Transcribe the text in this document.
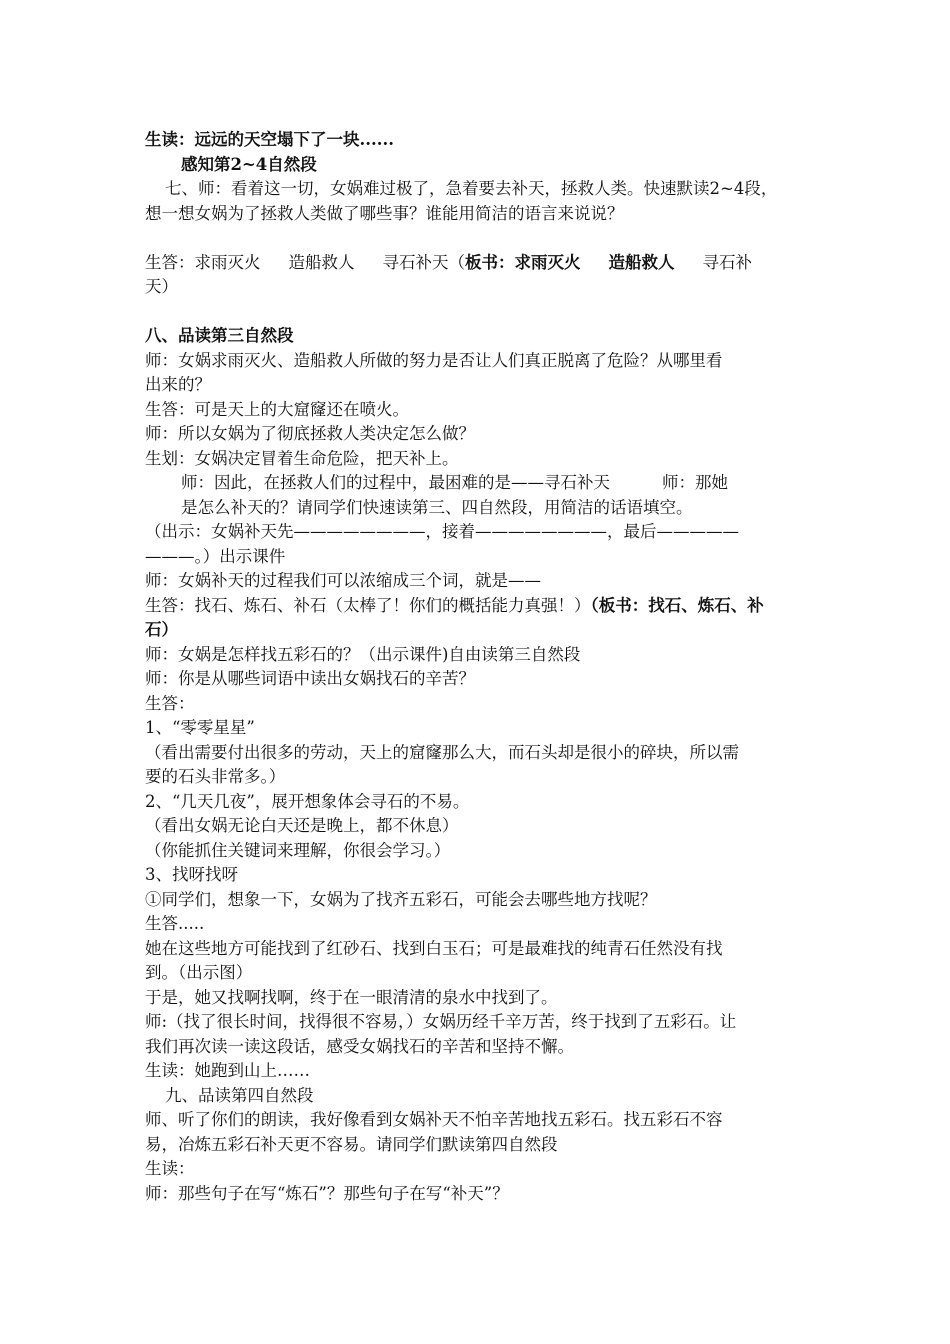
生读：远远的天空塌下了一块......

感知第2~4自然段

七、师：看着这一切，女娲难过极了，急着要去补天，拯救人类。快速默读2~4段，

想一想女娲为了拯救人类做了哪些事？谁能用简洁的语言来说说？

生答：求雨灭火 造船救人 寻石补天（板书：求雨灭火 造船救人 寻石补

天）

八、品读第三自然段

师：女娲求雨灭火、造船救人所做的努力是否让人们真正脱离了危险？从哪里看

出来的？

生答：可是天上的大窟窿还在喷火。

师：所以女娲为了彻底拯救人类决定怎么做？

生划：女娲决定冒着生命危险，把天补上。

师：因此，在拯救人们的过程中，最困难的是——寻石补天	师：那她

是怎么补天的？请同学们快速读第三、四自然段，用简洁的话语填空。

（出示：女娲补天先————————，接着————————，最后—————

———。）出示课件

师：女娲补天的过程我们可以浓缩成三个词，就是——

生答：找石、炼石、补石（太棒了！你们的概括能力真强！）（板书：找石、炼石、补

石）

师：女娲是怎样找五彩石的？（出示课件)自由读第三自然段

师：你是从哪些词语中读出女娲找石的辛苦？

生答：

1、“零零星星”

（看出需要付出很多的劳动，天上的窟窿那么大，而石头却是很小的碎块，所以需

要的石头非常多。）

2、“几天几夜”，展开想象体会寻石的不易。

（看出女娲无论白天还是晚上，都不休息）

（你能抓住关键词来理解，你很会学习。）

3、找呀找呀

①同学们，想象一下，女娲为了找齐五彩石，可能会去哪些地方找呢？

生答.....

她在这些地方可能找到了红砂石、找到白玉石；可是最难找的纯青石任然没有找

到。（出示图）

于是，她又找啊找啊，终于在一眼清清的泉水中找到了。

师:（找了很长时间，找得很不容易，）女娲历经千辛万苦，终于找到了五彩石。让

我们再次读一读这段话，感受女娲找石的辛苦和坚持不懈。

生读：她跑到山上……

九、品读第四自然段

师、听了你们的朗读，我好像看到女娲补天不怕辛苦地找五彩石。找五彩石不容

易，冶炼五彩石补天更不容易。请同学们默读第四自然段

生读：

师：那些句子在写“炼石”？那些句子在写“补天”？
